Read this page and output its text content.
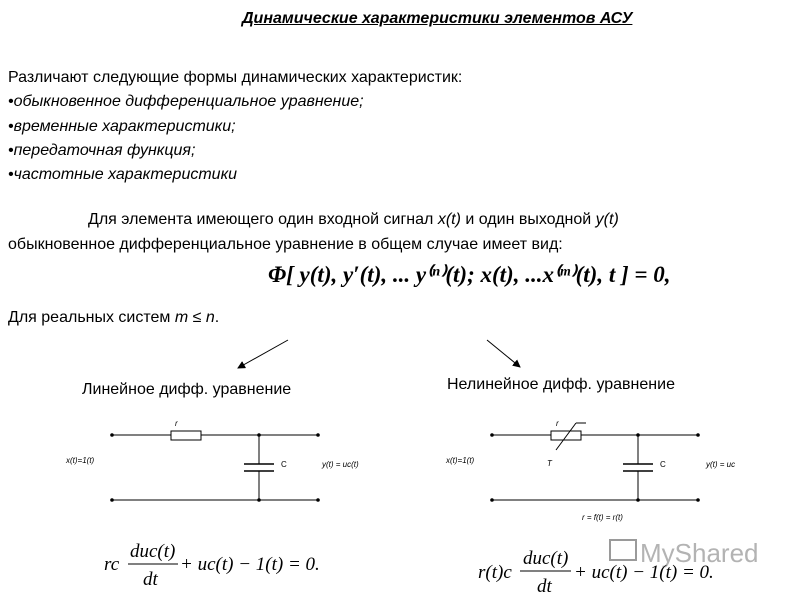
Динамические характеристики элементов АСУ
Различают следующие формы динамических характеристик:
•обыкновенное дифференциальное уравнение;
•временные характеристики;
•передаточная функция;
•частотные характеристики
Для элемента имеющего один входной сигнал x(t) и один выходной y(t)
обыкновенное дифференциальное уравнение в общем случае имеет вид:
Φ[ y(t), y′(t), ... y⁽ⁿ⁾(t); x(t), ...x⁽ᵐ⁾(t), t ] = 0,
Для реальных систем m ≤ n.
Линейное дифф. уравнение	Нелинейное дифф. уравнение
r
C
x(t)=1(t)	y(t) = uc(t)
rc
duc(t)
dt
+ uc(t) − 1(t) = 0.
r
T	C
x(t)=1(t)	y(t) = uc
r = f(t) = r(t)
MyShared
r(t)c
duc(t)
dt
+ uc(t) − 1(t) = 0.
